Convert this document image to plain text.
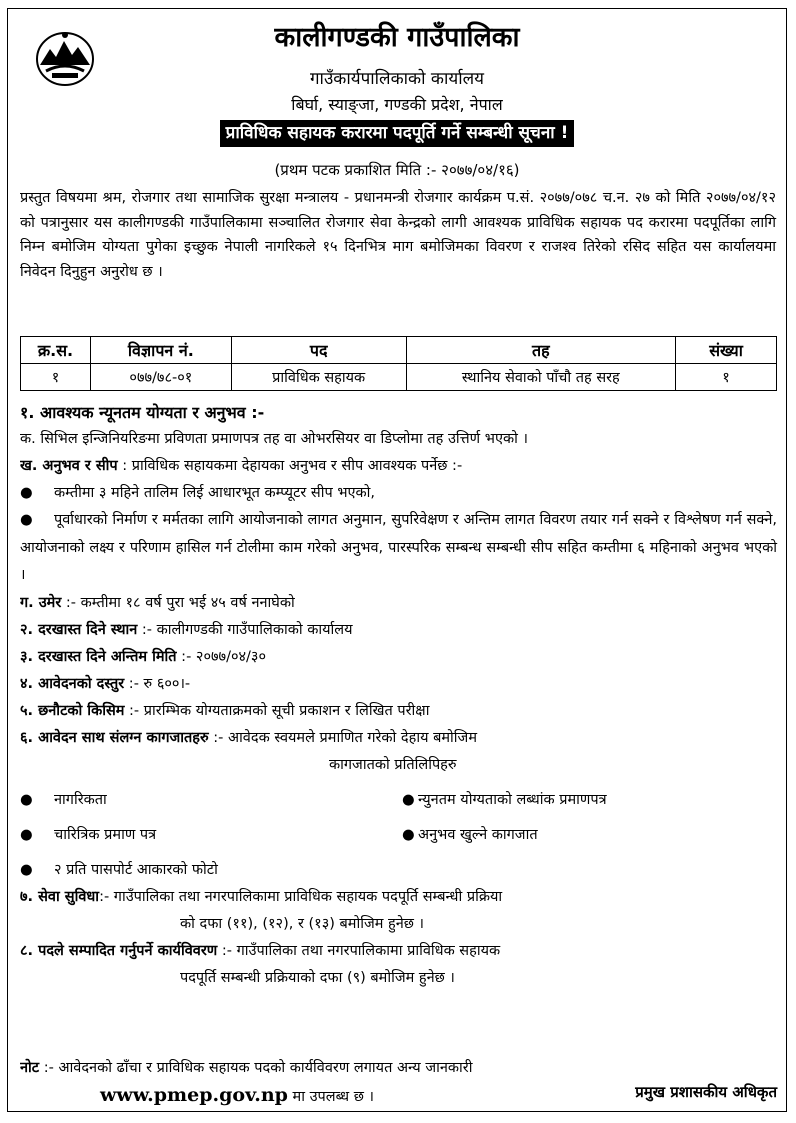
कालीगण्डकी गाउँपालिका
गाउँकार्यपालिकाको कार्यालय
बिर्घा, स्याङ्जा, गण्डकी प्रदेश, नेपाल
प्राविधिक सहायक करारमा पदपूर्ति गर्ने सम्बन्धी सूचना !
(प्रथम पटक प्रकाशित मिति :- २०७७/०४/१६)
प्रस्तुत विषयमा श्रम, रोजगार तथा सामाजिक सुरक्षा मन्त्रालय - प्रधानमन्त्री रोजगार कार्यक्रम प.सं. २०७७/०७८ च.न. २७ को मिति २०७७/०४/१२ को पत्रानुसार यस कालीगण्डकी गाउँपालिकामा सञ्चालित रोजगार सेवा केन्द्रको लागी आवश्यक प्राविधिक सहायक पद करारमा पदपूर्तिका लागि निम्न बमोजिम योग्यता पुगेका इच्छुक नेपाली नागरिकले १५ दिनभित्र माग बमोजिमका विवरण र राजश्व तिरेको रसिद सहित यस कार्यालयमा निवेदन दिनुहुन अनुरोध छ ।
क्र.स.	विज्ञापन नं.	पद	तह	संख्या
१	०७७/७८-०१	प्राविधिक सहायक	स्थानिय सेवाको पाँचौ तह सरह	१
१. आवश्यक न्यूनतम योग्यता र अनुभव :-
क. सिभिल इन्जिनियरिङमा प्रविणता प्रमाणपत्र तह वा ओभरसियर वा डिप्लोमा तह उत्तिर्ण भएको ।
ख. अनुभव र सीप : प्राविधिक सहायकमा देहायका अनुभव र सीप आवश्यक पर्नेछ :-
● कम्तीमा ३ महिने तालिम लिई आधारभूत कम्प्यूटर सीप भएको,
● पूर्वाधारको निर्माण र मर्मतका लागि आयोजनाको लागत अनुमान, सुपरिवेक्षण र अन्तिम लागत विवरण तयार गर्न सक्ने र विश्लेषण गर्न सक्ने, आयोजनाको लक्ष्य र परिणाम हासिल गर्न टोलीमा काम गरेको अनुभव, पारस्परिक सम्बन्ध सम्बन्धी सीप सहित कम्तीमा ६ महिनाको अनुभव भएको ।
ग. उमेर :- कम्तीमा १८ वर्ष पुरा भई ४५ वर्ष ननाघेको
२. दरखास्त दिने स्थान :- कालीगण्डकी गाउँपालिकाको कार्यालय
३. दरखास्त दिने अन्तिम मिति :- २०७७/०४/३०
४. आवेदनको दस्तुर :- रु ६००।-
५. छनौटको किसिम :- प्रारम्भिक योग्यताक्रमको सूची प्रकाशन र लिखित परीक्षा
६. आवेदन साथ संलग्न कागजातहरु :- आवेदक स्वयमले प्रमाणित गरेको देहाय बमोजिम
कागजातको प्रतिलिपिहरु
● नागरिकता	● न्युनतम योग्यताको लब्धांक प्रमाणपत्र
● चारित्रिक प्रमाण पत्र	● अनुभव खुल्ने कागजात
● २ प्रति पासपोर्ट आकारको फोटो
७. सेवा सुविधा:- गाउँपालिका तथा नगरपालिकामा प्राविधिक सहायक पदपूर्ति सम्बन्धी प्रक्रिया
को दफा (११), (१२), र (१३) बमोजिम हुनेछ ।
८. पदले सम्पादित गर्नुपर्ने कार्यविवरण :- गाउँपालिका तथा नगरपालिकामा प्राविधिक सहायक
पदपूर्ति सम्बन्धी प्रक्रियाको दफा (९) बमोजिम हुनेछ ।
नोट :- आवेदनको ढाँचा र प्राविधिक सहायक पदको कार्यविवरण लगायत अन्य जानकारी
www.pmep.gov.np मा उपलब्ध छ ।	प्रमुख प्रशासकीय अधिकृत
